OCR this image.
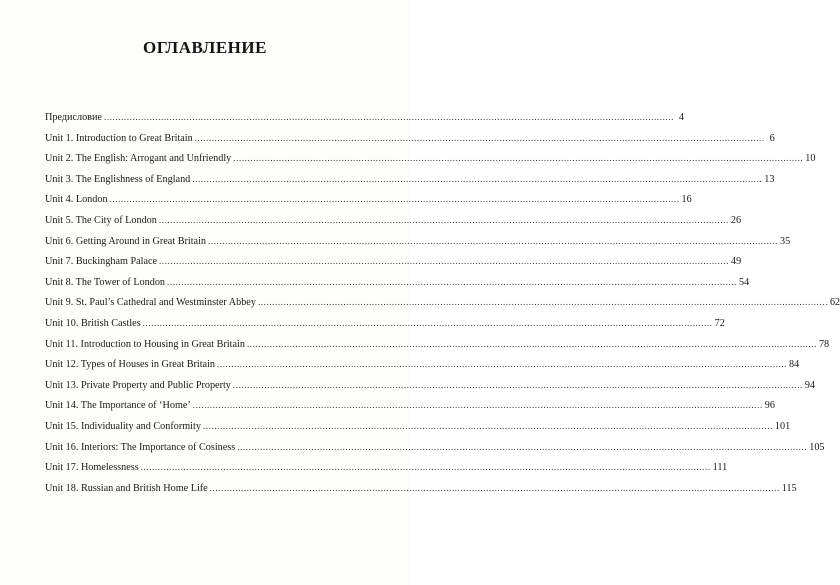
ОГЛАВЛЕНИЕ
Предисловие ........................................................................................................................................................................................................ 4
Unit 1. Introduction to Great Britain ........................................................................................................................................................................................................ 6
Unit 2. The English: Arrogant and Unfriendly ........................................................................................................................................................................................................ 10
Unit 3. The Englishness of England ........................................................................................................................................................................................................ 13
Unit 4. London ........................................................................................................................................................................................................ 16
Unit 5. The City of London ........................................................................................................................................................................................................ 26
Unit 6. Getting Around in Great Britain ........................................................................................................................................................................................................ 35
Unit 7. Buckingham Palace ........................................................................................................................................................................................................ 49
Unit 8. The Tower of London ........................................................................................................................................................................................................ 54
Unit 9. St. Paul’s Cathedral and Westminster Abbey ........................................................................................................................................................................................................ 62
Unit 10. British Castles ........................................................................................................................................................................................................ 72
Unit 11. Introduction to Housing in Great Britain ........................................................................................................................................................................................................ 78
Unit 12. Types of Houses in Great Britain ........................................................................................................................................................................................................ 84
Unit 13. Private Property and Public Property ........................................................................................................................................................................................................ 94
Unit 14. The Importance of ‘Home’ ........................................................................................................................................................................................................ 96
Unit 15. Individuality and Conformity ........................................................................................................................................................................................................ 101
Unit 16. Interiors: The Importance of Cosiness ........................................................................................................................................................................................................ 105
Unit 17. Homelessness ........................................................................................................................................................................................................ 111
Unit 18. Russian and British Home Life ........................................................................................................................................................................................................ 115
